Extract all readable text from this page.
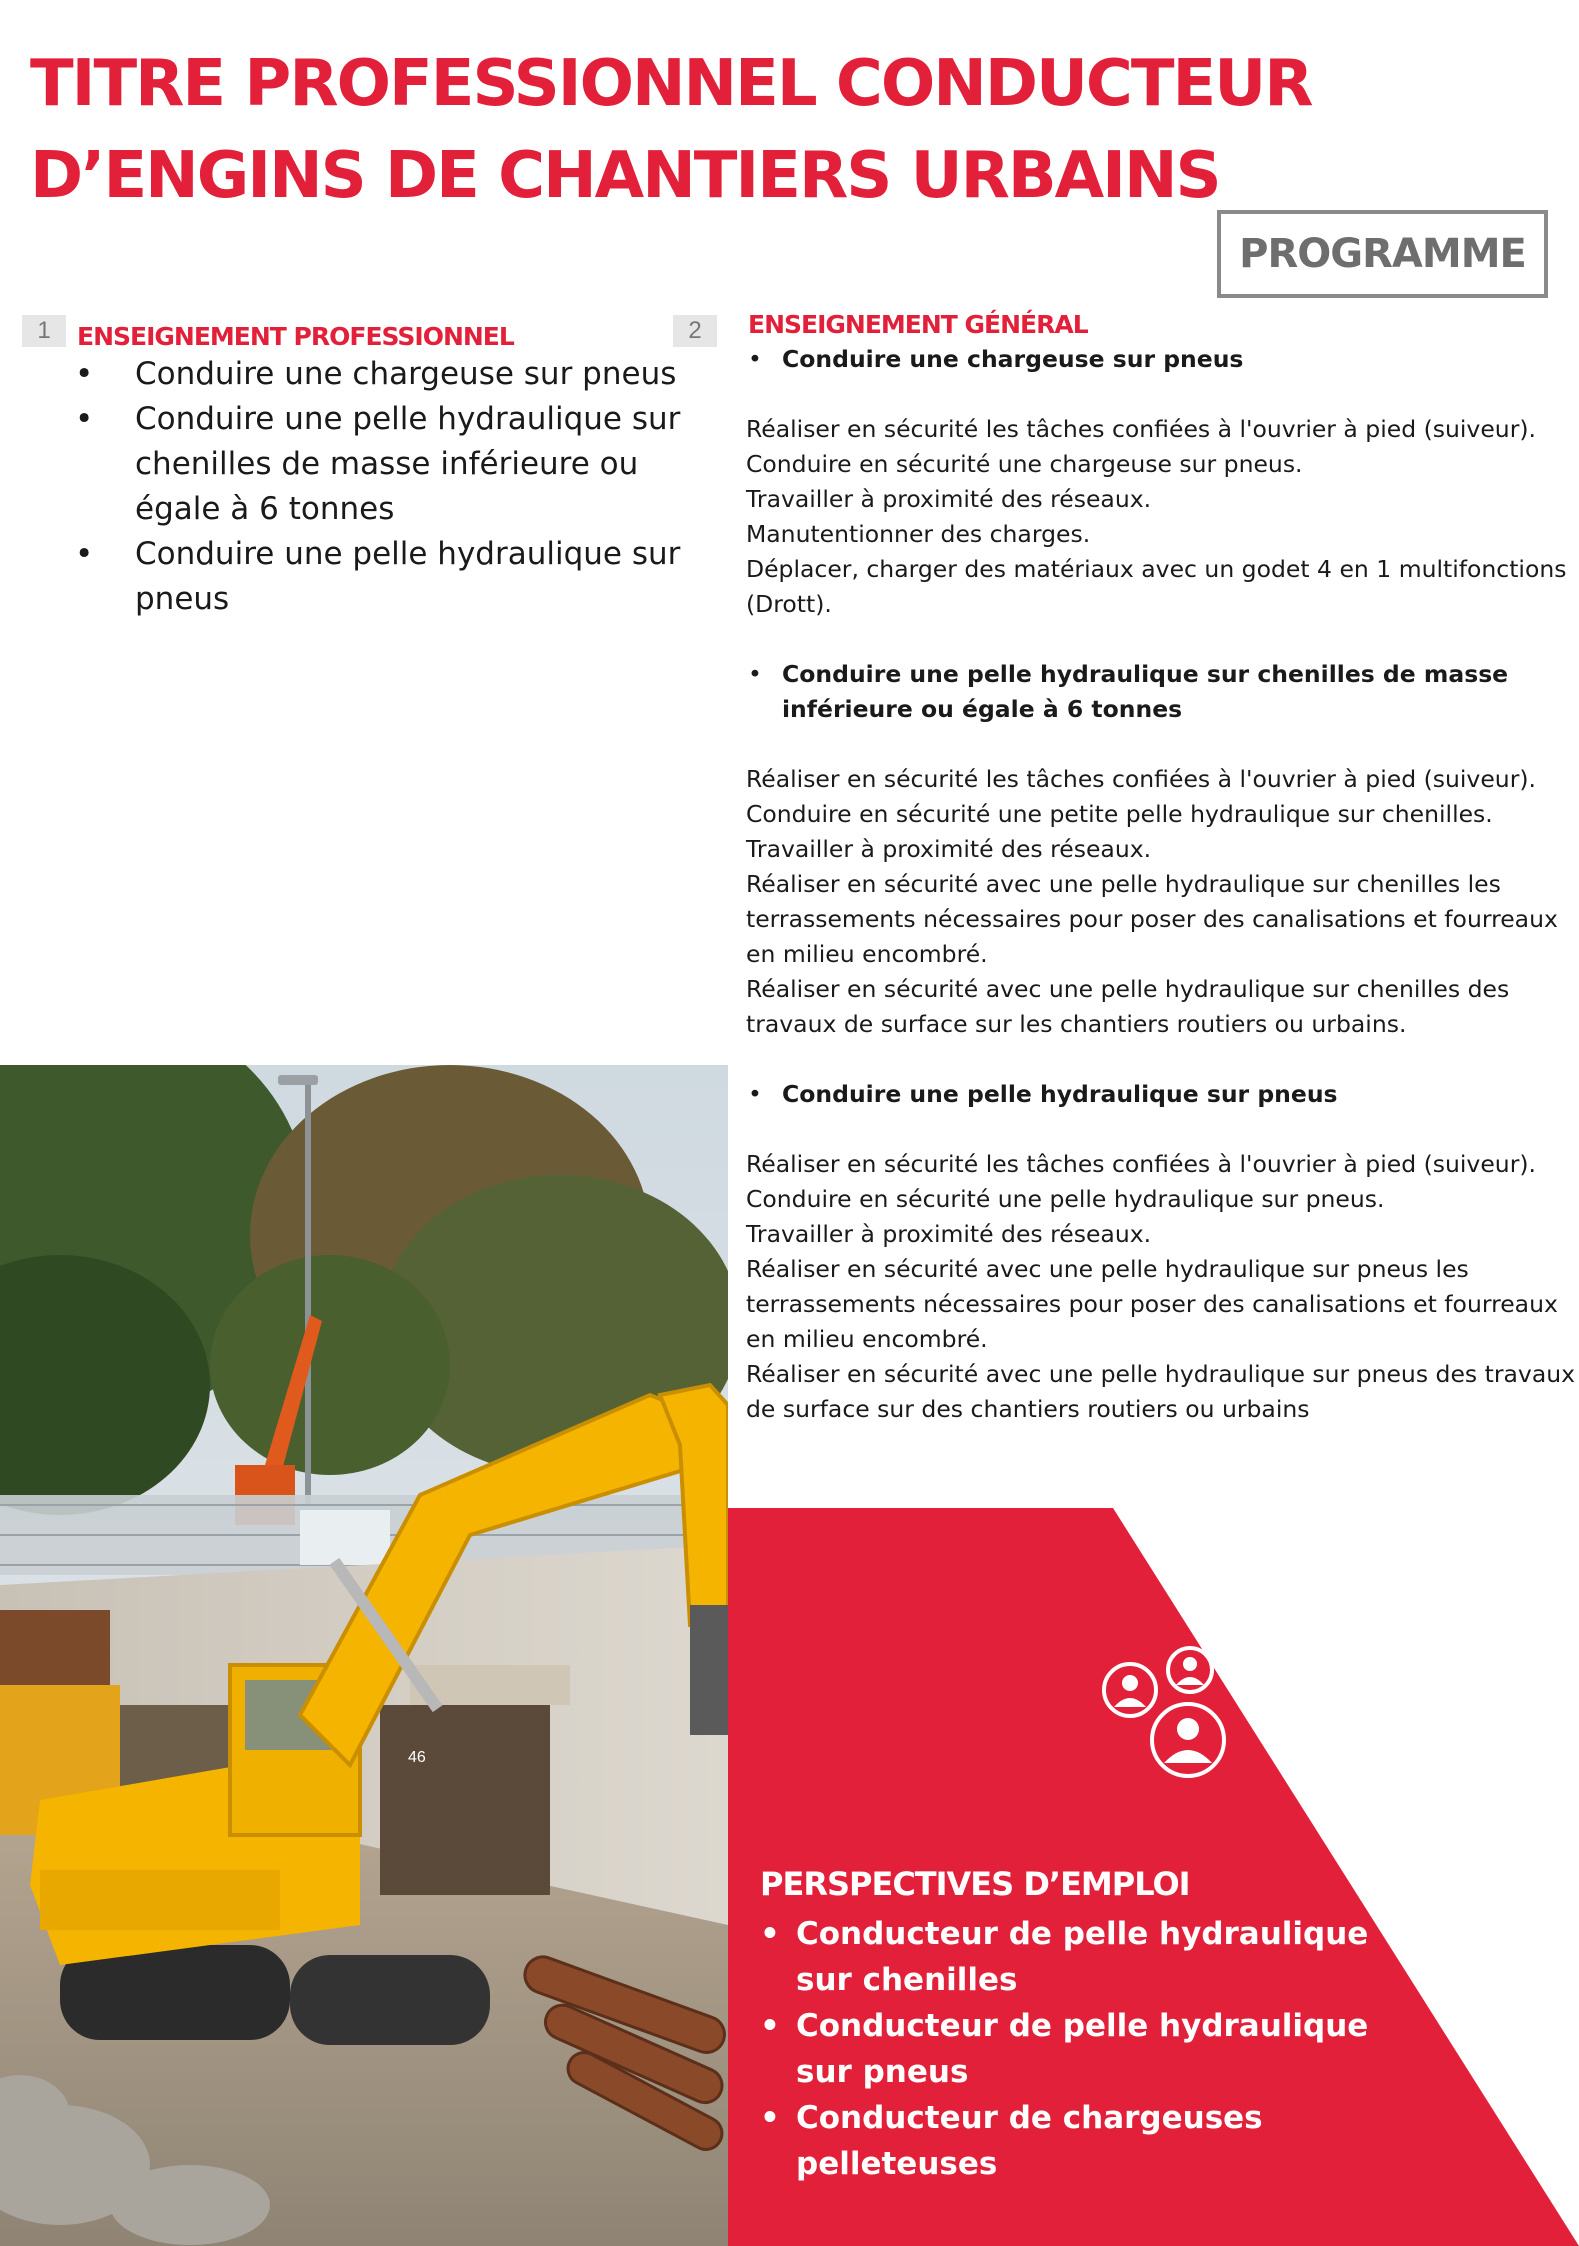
TITRE PROFESSIONNEL CONDUCTEUR
D’ENGINS DE CHANTIERS URBAINS
PROGRAMME
1	ENSEIGNEMENT PROFESSIONNEL
• Conduire une chargeuse sur pneus
• Conduire une pelle hydraulique sur chenilles de masse inférieure ou égale à 6 tonnes
• Conduire une pelle hydraulique sur pneus
2	ENSEIGNEMENT GÉNÉRAL
• Conduire une chargeuse sur pneus
Réaliser en sécurité les tâches confiées à l'ouvrier à pied (suiveur).
Conduire en sécurité une chargeuse sur pneus.
Travailler à proximité des réseaux.
Manutentionner des charges.
Déplacer, charger des matériaux avec un godet 4 en 1 multifonctions (Drott).
• Conduire une pelle hydraulique sur chenilles de masse inférieure ou égale à 6 tonnes
Réaliser en sécurité les tâches confiées à l'ouvrier à pied (suiveur).
Conduire en sécurité une petite pelle hydraulique sur chenilles.
Travailler à proximité des réseaux.
Réaliser en sécurité avec une pelle hydraulique sur chenilles les terrassements nécessaires pour poser des canalisations et fourreaux en milieu encombré.
Réaliser en sécurité avec une pelle hydraulique sur chenilles des travaux de surface sur les chantiers routiers ou urbains.
• Conduire une pelle hydraulique sur pneus
Réaliser en sécurité les tâches confiées à l'ouvrier à pied (suiveur).
Conduire en sécurité une pelle hydraulique sur pneus.
Travailler à proximité des réseaux.
Réaliser en sécurité avec une pelle hydraulique sur pneus les terrassements nécessaires pour poser des canalisations et fourreaux en milieu encombré.
Réaliser en sécurité avec une pelle hydraulique sur pneus des travaux de surface sur des chantiers routiers ou urbains
46
PERSPECTIVES D’EMPLOI
• Conducteur de pelle hydraulique sur chenilles
• Conducteur de pelle hydraulique sur pneus
• Conducteur de chargeuses pelleteuses
